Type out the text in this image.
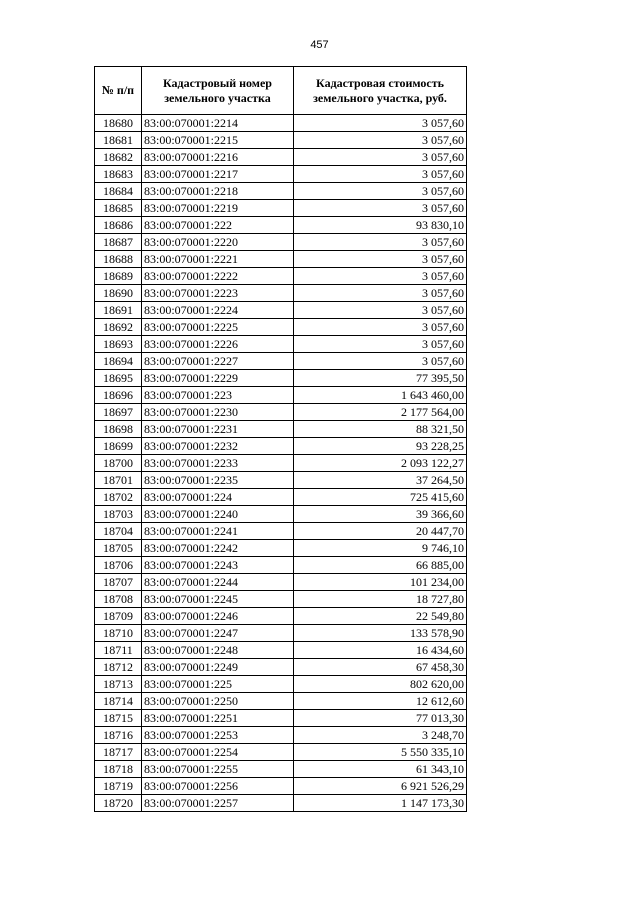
457
№ п/п	Кадастровый номер земельного участка	Кадастровая стоимость земельного участка, руб.
18680	83:00:070001:2214	3 057,60
18681	83:00:070001:2215	3 057,60
18682	83:00:070001:2216	3 057,60
18683	83:00:070001:2217	3 057,60
18684	83:00:070001:2218	3 057,60
18685	83:00:070001:2219	3 057,60
18686	83:00:070001:222	93 830,10
18687	83:00:070001:2220	3 057,60
18688	83:00:070001:2221	3 057,60
18689	83:00:070001:2222	3 057,60
18690	83:00:070001:2223	3 057,60
18691	83:00:070001:2224	3 057,60
18692	83:00:070001:2225	3 057,60
18693	83:00:070001:2226	3 057,60
18694	83:00:070001:2227	3 057,60
18695	83:00:070001:2229	77 395,50
18696	83:00:070001:223	1 643 460,00
18697	83:00:070001:2230	2 177 564,00
18698	83:00:070001:2231	88 321,50
18699	83:00:070001:2232	93 228,25
18700	83:00:070001:2233	2 093 122,27
18701	83:00:070001:2235	37 264,50
18702	83:00:070001:224	725 415,60
18703	83:00:070001:2240	39 366,60
18704	83:00:070001:2241	20 447,70
18705	83:00:070001:2242	9 746,10
18706	83:00:070001:2243	66 885,00
18707	83:00:070001:2244	101 234,00
18708	83:00:070001:2245	18 727,80
18709	83:00:070001:2246	22 549,80
18710	83:00:070001:2247	133 578,90
18711	83:00:070001:2248	16 434,60
18712	83:00:070001:2249	67 458,30
18713	83:00:070001:225	802 620,00
18714	83:00:070001:2250	12 612,60
18715	83:00:070001:2251	77 013,30
18716	83:00:070001:2253	3 248,70
18717	83:00:070001:2254	5 550 335,10
18718	83:00:070001:2255	61 343,10
18719	83:00:070001:2256	6 921 526,29
18720	83:00:070001:2257	1 147 173,30
